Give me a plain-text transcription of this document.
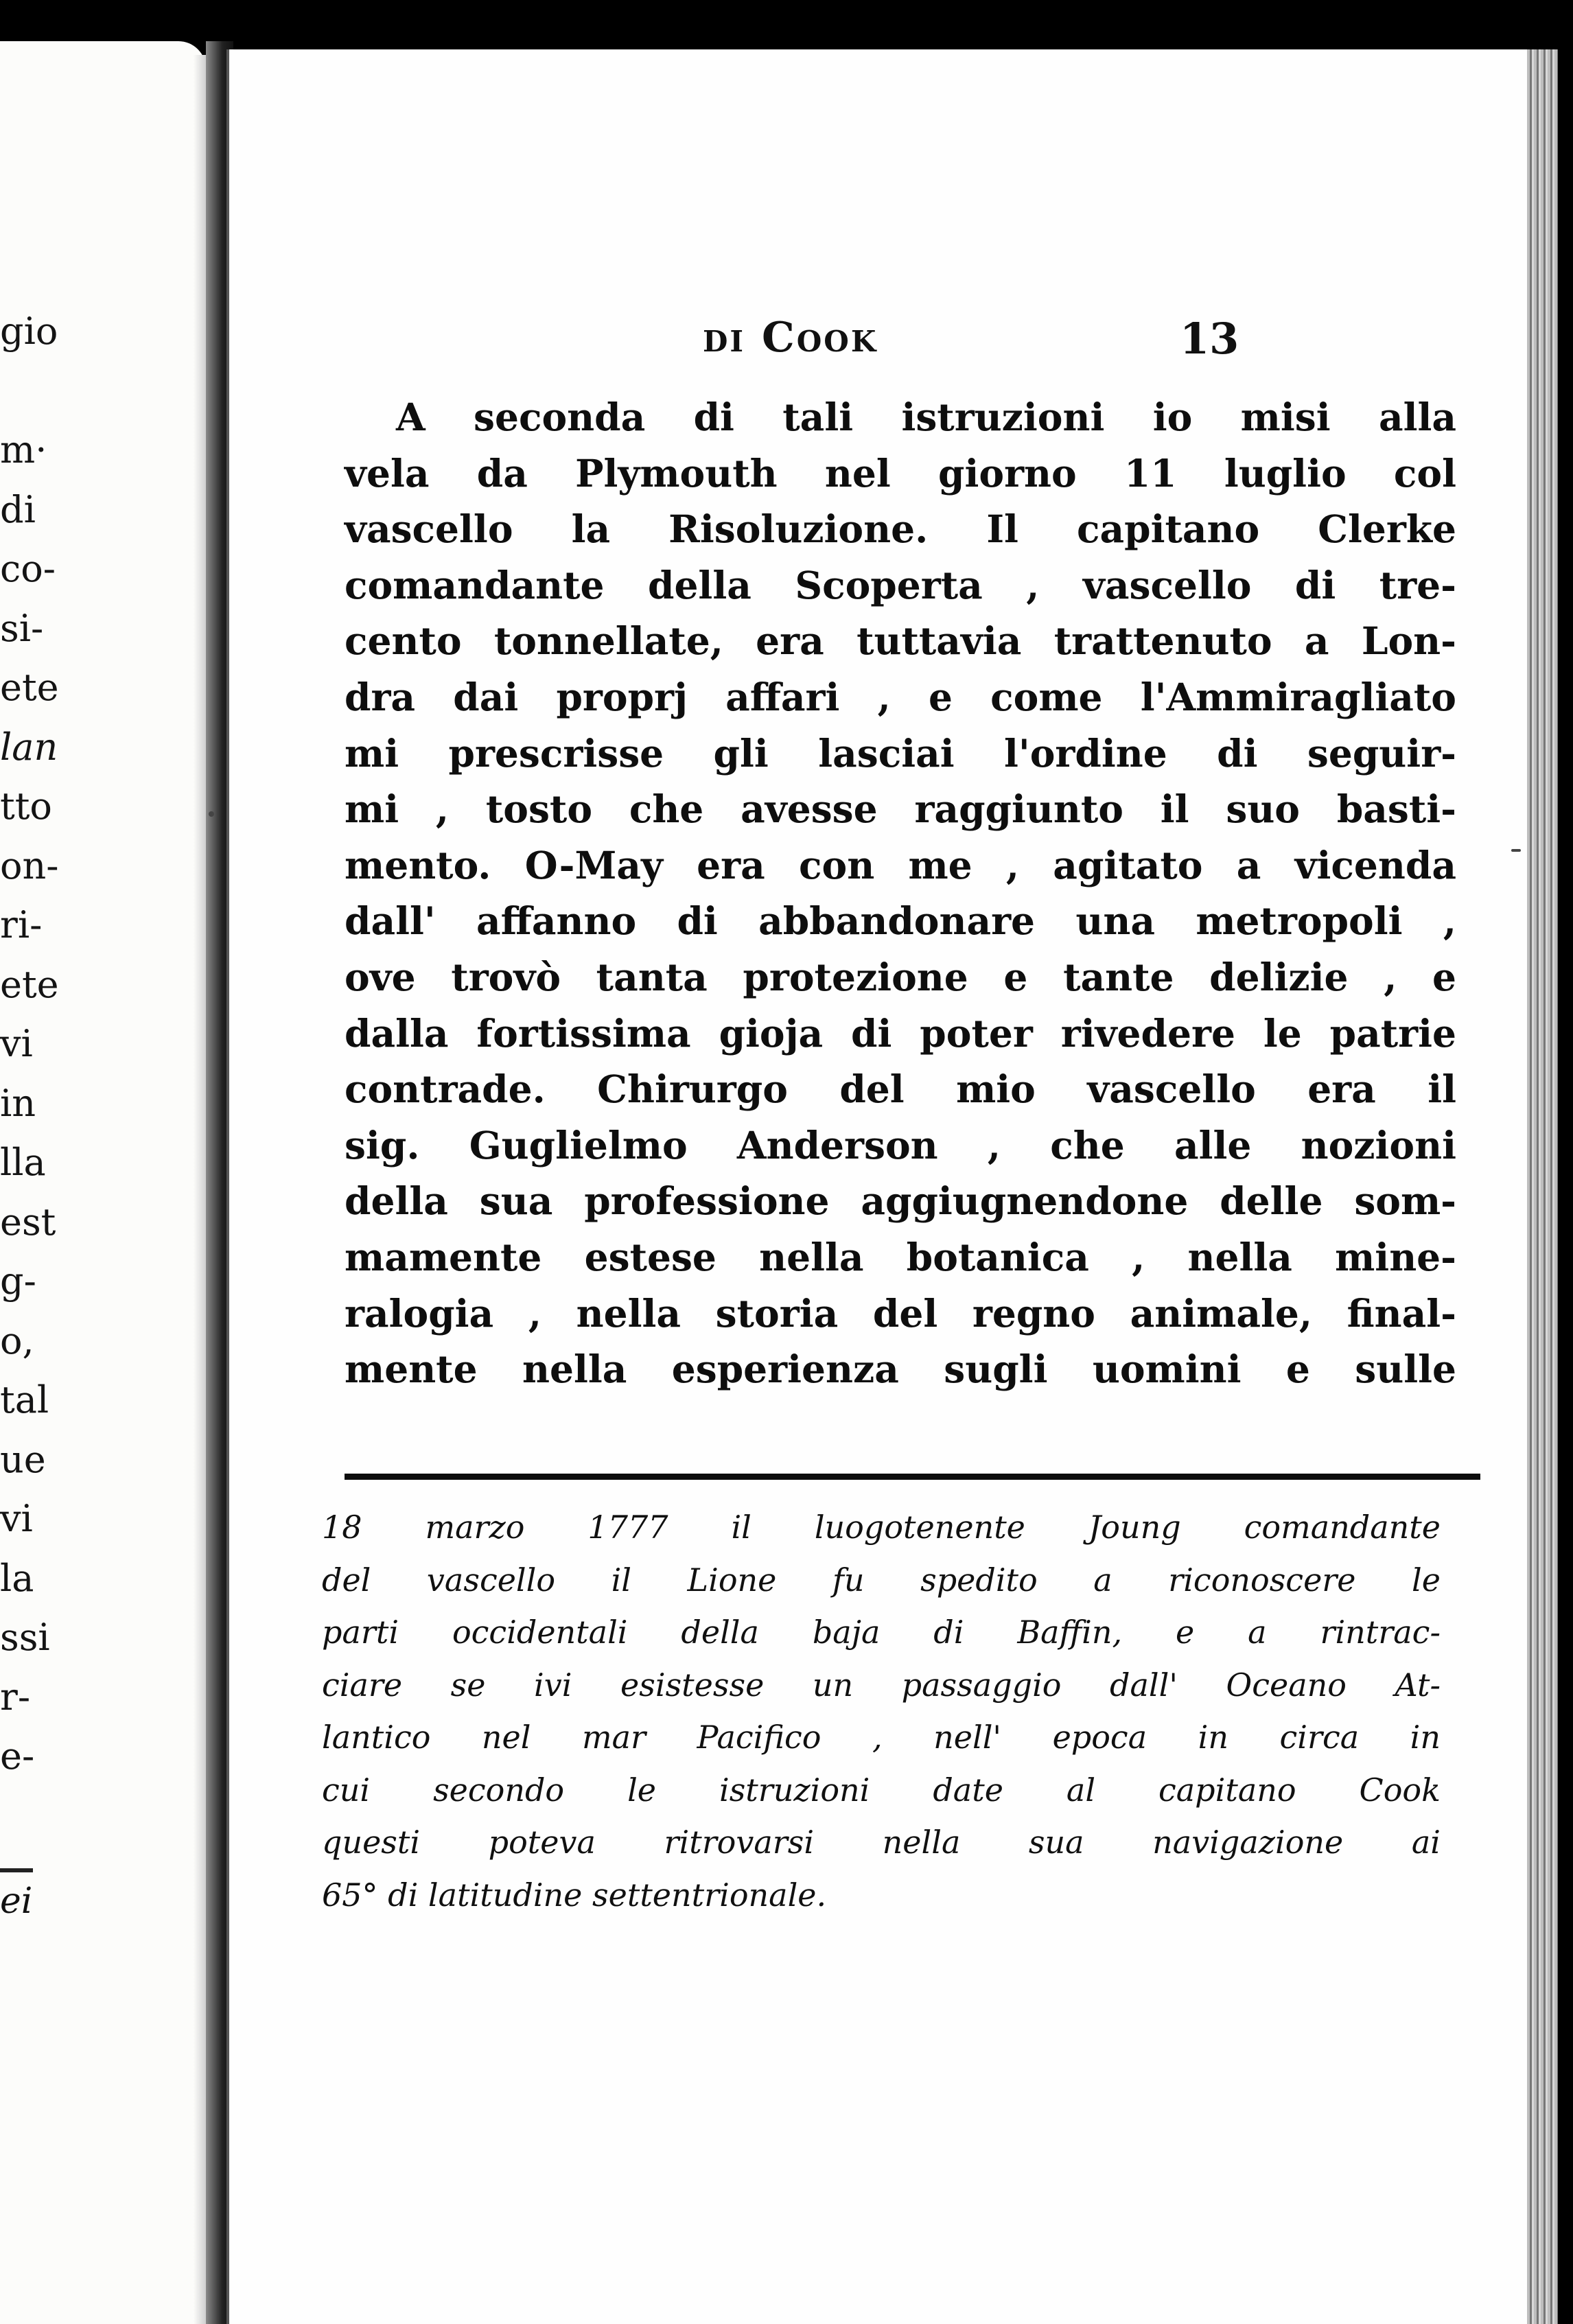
gio
m·
di
co-
si-
ete
lan
tto
on-
ri-
ete
vi
in
lla
est
g-
o,
tal
ue
vi
la
ssi
r-
e-
ei
di Cook	13
A seconda di tali istruzioni io misi alla
vela da Plymouth nel giorno 11 luglio col
vascello la Risoluzione. Il capitano Clerke
comandante della Scoperta , vascello di tre-
cento tonnellate, era tuttavia trattenuto a Lon-
dra dai proprj affari , e come l'Ammiragliato
mi prescrisse gli lasciai l'ordine di seguir-
mi , tosto che avesse raggiunto il suo basti-
mento. O-May era con me , agitato a vicenda
dall' affanno di abbandonare una metropoli ,
ove trovò tanta protezione e tante delizie , e
dalla fortissima gioja di poter rivedere le patrie
contrade. Chirurgo del mio vascello era il
sig. Guglielmo Anderson , che alle nozioni
della sua professione aggiugnendone delle som-
mamente estese nella botanica , nella mine-
ralogia , nella storia del regno animale, final-
mente nella esperienza sugli uomini e sulle
18 marzo 1777 il luogotenente Joung comandante
del vascello il Lione fu spedito a riconoscere le
parti occidentali della baja di Baffin, e a rintrac-
ciare se ivi esistesse un passaggio dall' Oceano At-
lantico nel mar Pacifico , nell' epoca in circa in
cui secondo le istruzioni date al capitano Cook
questi poteva ritrovarsi nella sua navigazione ai
65° di latitudine settentrionale.
